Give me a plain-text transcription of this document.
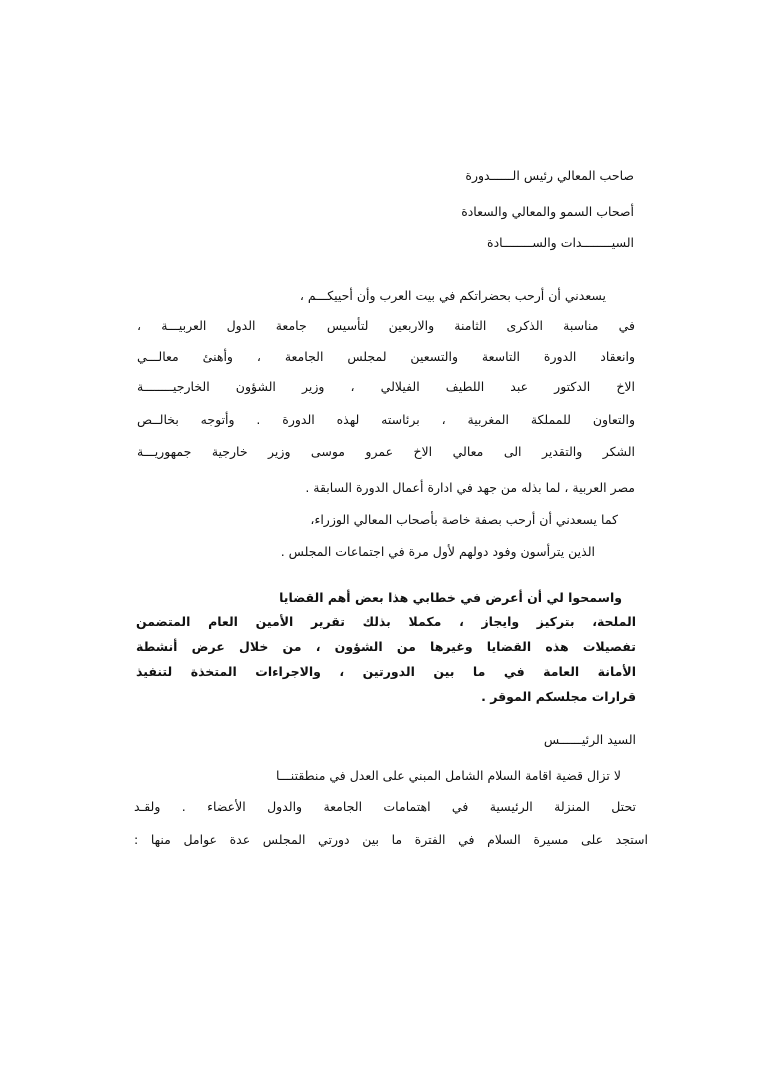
صاحب المعالي رئيس الــــــدورة
أصحاب السمو والمعالي والسعادة
السيــــــــدات والســــــــادة
يسعدني أن أرحب بحضراتكم في بيت العرب وأن أحييكـــم ،
في مناسبة الذكرى الثامنة والاربعين لتأسيس جامعة الدول العربيـــة ،
وانعقاد الدورة التاسعة والتسعين لمجلس الجامعة ، وأهنئ معالـــي
الاخ الدكتور عبد اللطيف الفيلالي ، وزير الشؤون الخارجيــــــــة
والتعاون للمملكة المغربية ، برئاسته لهذه الدورة . وأتوجه بخالــص
الشكر والتقدير الى معالي الاخ عمرو موسى وزير خارجية جمهوريـــة
مصر العربية ، لما بذله من جهد في ادارة أعمال الدورة السابقة .
كما يسعدني أن أرحب بصفة خاصة بأصحاب المعالي الوزراء،
الذين يترأسون وفود دولهم لأول مرة في اجتماعات المجلس .
واسمحوا لي أن أعرض في خطابي هذا بعض أهم القضايا
الملحة، بتركيز وايجاز ، مكملا بذلك تقرير الأمين العام المتضمن
تفصيلات هذه القضايا وغيرها من الشؤون ، من خلال عرض أنشطة
الأمانة العامة في ما بين الدورتين ، والاجراءات المتخذة لتنفيذ
قرارات مجلسكم الموقر .
السيد الرئيــــــس
لا تزال قضية اقامة السلام الشامل المبني على العدل في منطقتنـــا
تحتل المنزلة الرئيسية في اهتمامات الجامعة والدول الأعضاء . ولقـد
استجد على مسيرة السلام في الفترة ما بين دورتي المجلس عدة عوامل منها :
